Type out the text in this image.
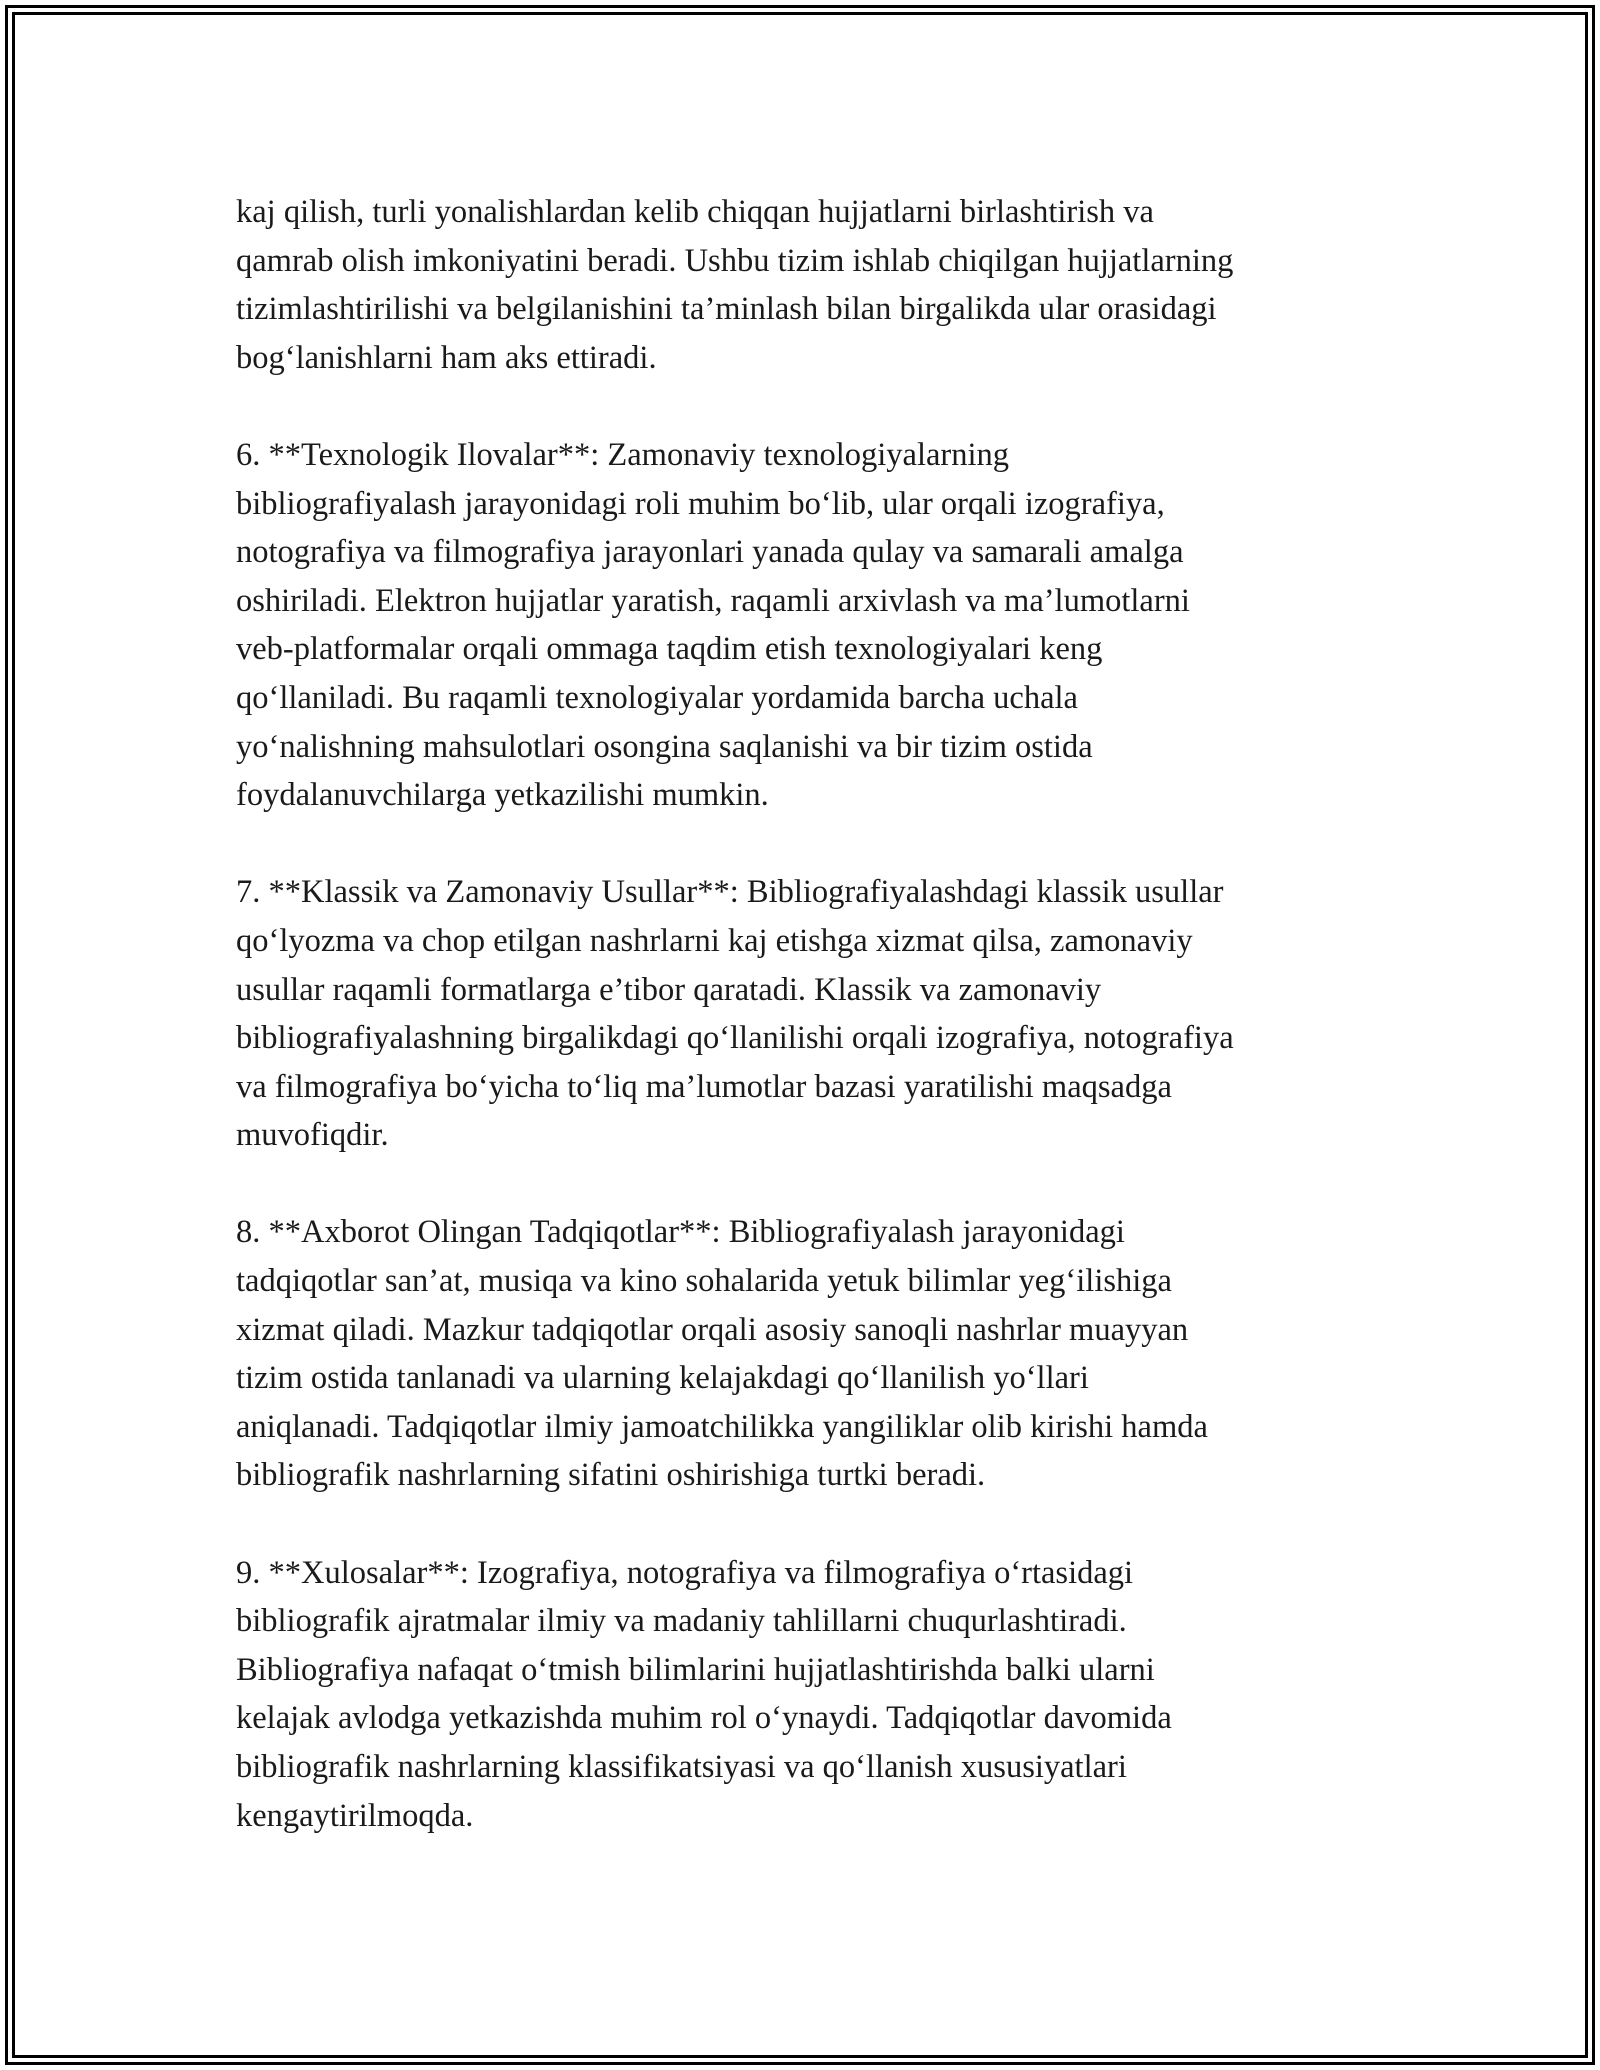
kaj qilish, turli yonalishlardan kelib chiqqan hujjatlarni birlashtirish va
qamrab olish imkoniyatini beradi. Ushbu tizim ishlab chiqilgan hujjatlarning
tizimlashtirilishi va belgilanishini ta’minlash bilan birgalikda ular orasidagi
bog‘lanishlarni ham aks ettiradi.

6. **Texnologik Ilovalar**: Zamonaviy texnologiyalarning
bibliografiyalash jarayonidagi roli muhim bo‘lib, ular orqali izografiya,
notografiya va filmografiya jarayonlari yanada qulay va samarali amalga
oshiriladi. Elektron hujjatlar yaratish, raqamli arxivlash va ma’lumotlarni
veb-platformalar orqali ommaga taqdim etish texnologiyalari keng
qo‘llaniladi. Bu raqamli texnologiyalar yordamida barcha uchala
yo‘nalishning mahsulotlari osongina saqlanishi va bir tizim ostida
foydalanuvchilarga yetkazilishi mumkin.

7. **Klassik va Zamonaviy Usullar**: Bibliografiyalashdagi klassik usullar
qo‘lyozma va chop etilgan nashrlarni kaj etishga xizmat qilsa, zamonaviy
usullar raqamli formatlarga e’tibor qaratadi. Klassik va zamonaviy
bibliografiyalashning birgalikdagi qo‘llanilishi orqali izografiya, notografiya
va filmografiya bo‘yicha to‘liq ma’lumotlar bazasi yaratilishi maqsadga
muvofiqdir.

8. **Axborot Olingan Tadqiqotlar**: Bibliografiyalash jarayonidagi
tadqiqotlar san’at, musiqa va kino sohalarida yetuk bilimlar yeg‘ilishiga
xizmat qiladi. Mazkur tadqiqotlar orqali asosiy sanoqli nashrlar muayyan
tizim ostida tanlanadi va ularning kelajakdagi qo‘llanilish yo‘llari
aniqlanadi. Tadqiqotlar ilmiy jamoatchilikka yangiliklar olib kirishi hamda
bibliografik nashrlarning sifatini oshirishiga turtki beradi.

9. **Xulosalar**: Izografiya, notografiya va filmografiya o‘rtasidagi
bibliografik ajratmalar ilmiy va madaniy tahlillarni chuqurlashtiradi.
Bibliografiya nafaqat o‘tmish bilimlarini hujjatlashtirishda balki ularni
kelajak avlodga yetkazishda muhim rol o‘ynaydi. Tadqiqotlar davomida
bibliografik nashrlarning klassifikatsiyasi va qo‘llanish xususiyatlari
kengaytirilmoqda.
